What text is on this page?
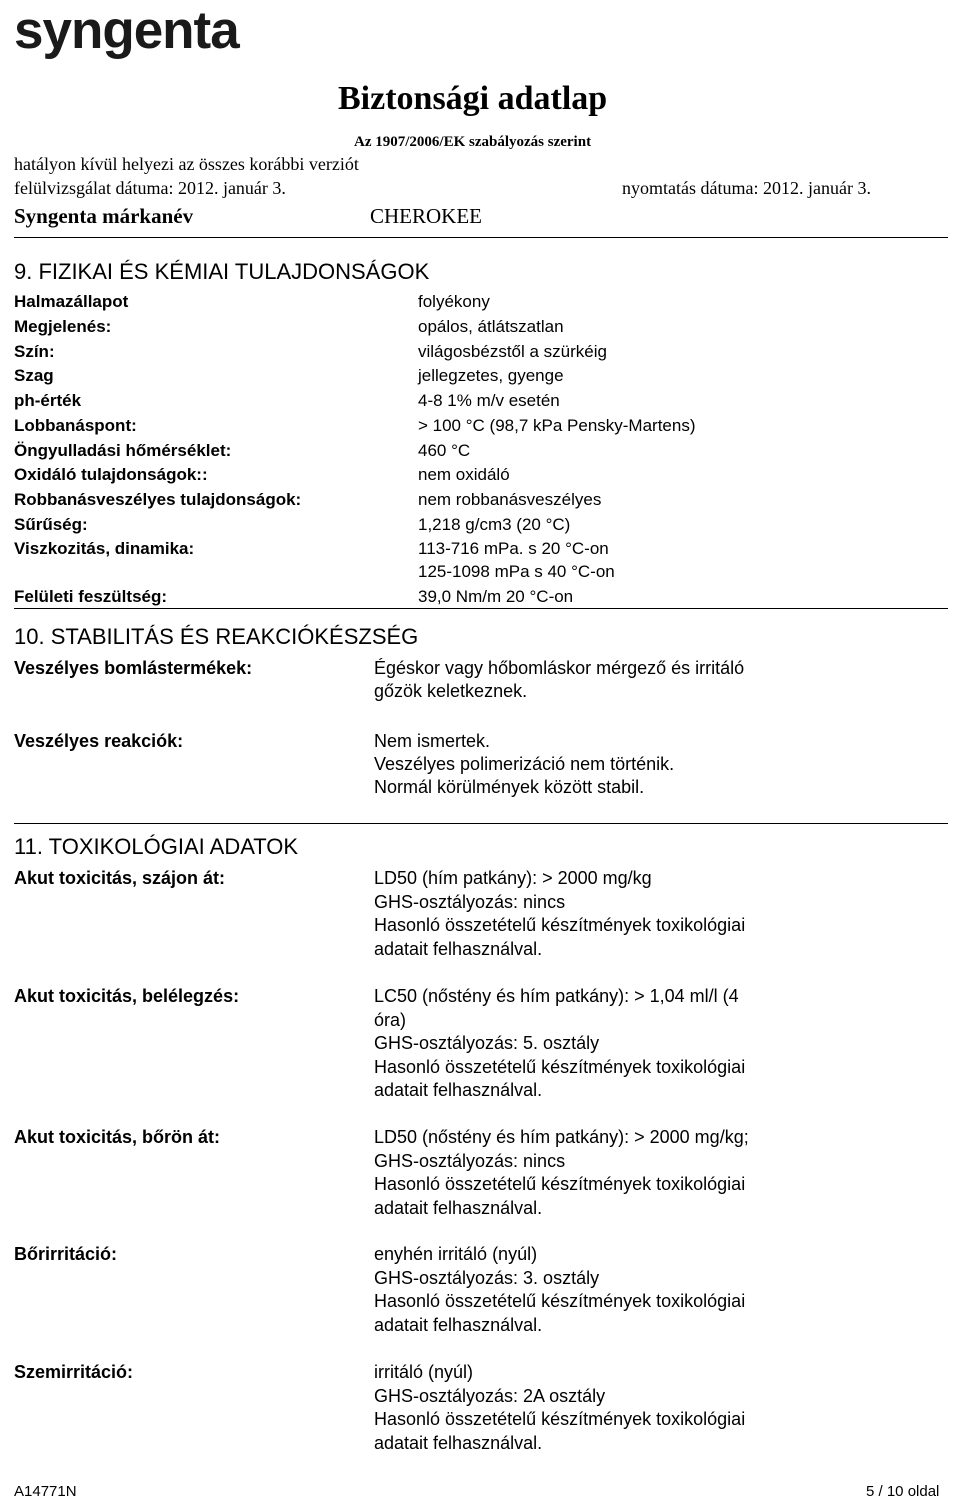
syngenta
Biztonsági adatlap
Az 1907/2006/EK szabályozás szerint
hatályon kívül helyezi az összes korábbi verziót
felülvizsgálat dátuma: 2012. január 3.	nyomtatás dátuma: 2012. január 3.
Syngenta márkanév	CHEROKEE
9. FIZIKAI ÉS KÉMIAI TULAJDONSÁGOK
Halmazállapot	folyékony
Megjelenés:	opálos, átlátszatlan
Szín:	világosbézstől a szürkéig
Szag	jellegzetes, gyenge
ph-érték	4-8 1% m/v esetén
Lobbanáspont:	> 100 °C (98,7 kPa Pensky-Martens)
Öngyulladási hőmérséklet:	460 °C
Oxidáló tulajdonságok::	nem oxidáló
Robbanásveszélyes tulajdonságok:	nem robbanásveszélyes
Sűrűség:	1,218 g/cm3 (20 °C)
Viszkozitás, dinamika:	113-716 mPa. s 20 °C-on
125-1098 mPa s 40 °C-on
Felületi feszültség:	39,0 Nm/m 20 °C-on
10. STABILITÁS ÉS REAKCIÓKÉSZSÉG
Veszélyes bomlástermékek:	Égéskor vagy hőbomláskor mérgező és irritáló
gőzök keletkeznek.
Veszélyes reakciók:	Nem ismertek.
Veszélyes polimerizáció nem történik.
Normál körülmények között stabil.
11. TOXIKOLÓGIAI ADATOK
Akut toxicitás, szájon át:	LD50 (hím patkány): > 2000 mg/kg
GHS-osztályozás: nincs
Hasonló összetételű készítmények toxikológiai
adatait felhasználval.
Akut toxicitás, belélegzés:	LC50 (nőstény és hím patkány): > 1,04 ml/l (4
óra)
GHS-osztályozás: 5. osztály
Hasonló összetételű készítmények toxikológiai
adatait felhasználval.
Akut toxicitás, bőrön át:	LD50 (nőstény és hím patkány): > 2000 mg/kg;
GHS-osztályozás: nincs
Hasonló összetételű készítmények toxikológiai
adatait felhasználval.
Bőrirritáció:	enyhén irritáló (nyúl)
GHS-osztályozás: 3. osztály
Hasonló összetételű készítmények toxikológiai
adatait felhasználval.
Szemirritáció:	irritáló (nyúl)
GHS-osztályozás: 2A osztály
Hasonló összetételű készítmények toxikológiai
adatait felhasználval.
A14771N	5 / 10 oldal
